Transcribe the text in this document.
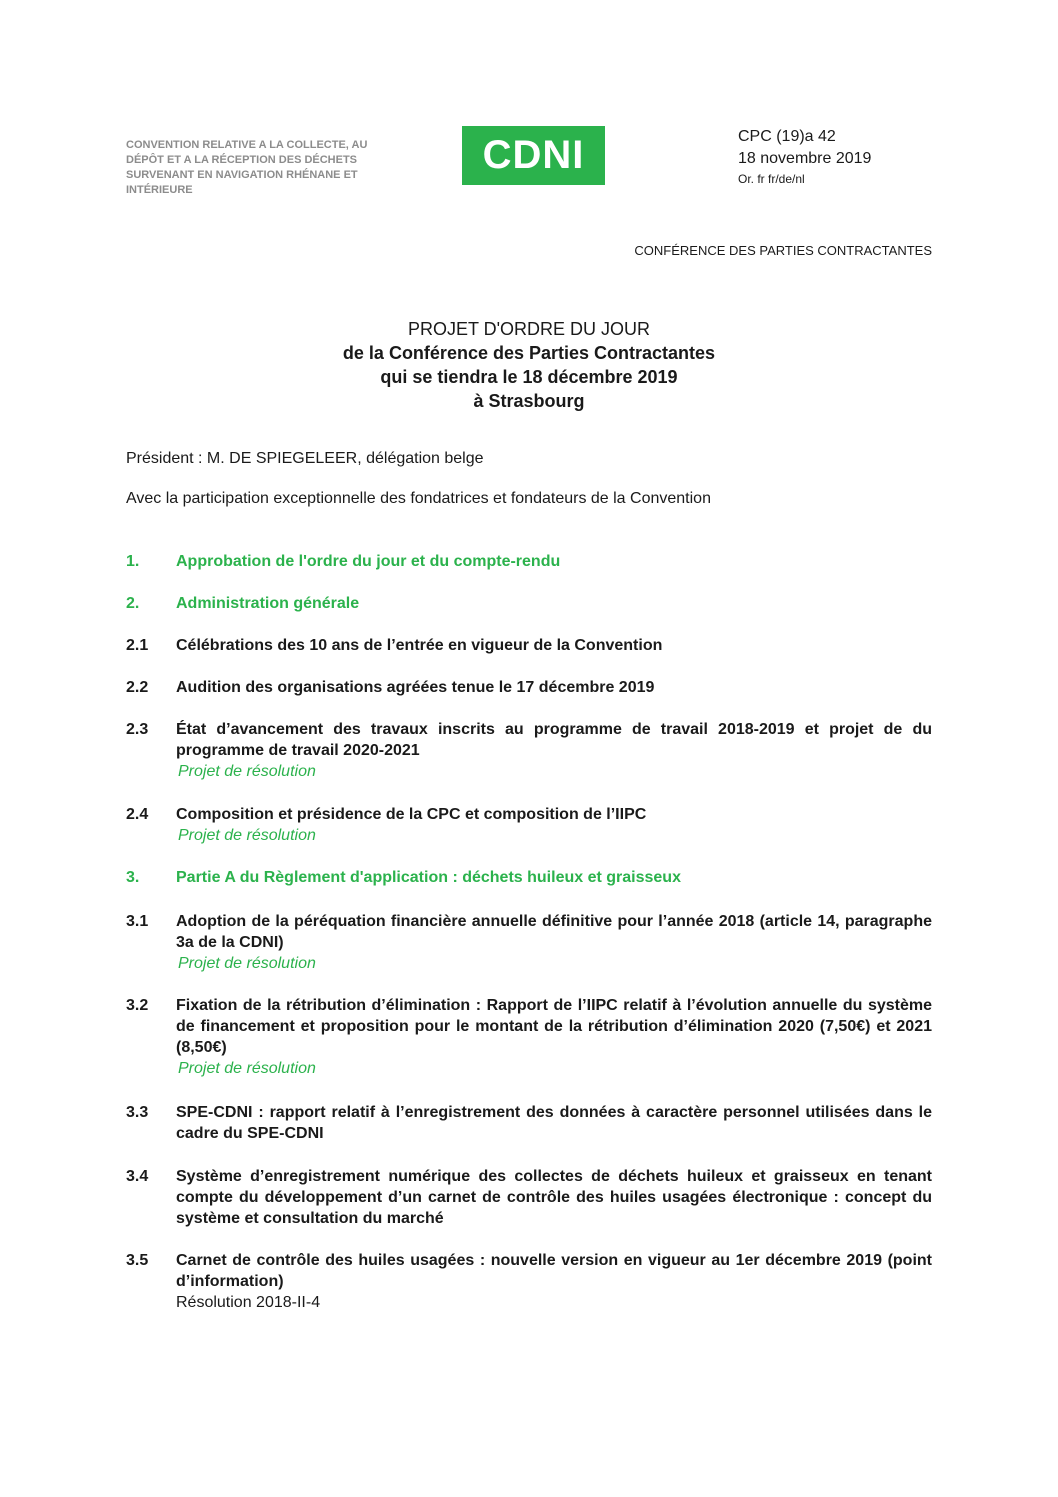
CONVENTION RELATIVE A LA COLLECTE, AU
DÉPÔT ET A LA RÉCEPTION DES DÉCHETS
SURVENANT EN NAVIGATION RHÉNANE ET
INTÉRIEURE
CDNI	CPC (19)a 42
18 novembre 2019
Or. fr fr/de/nl
CONFÉRENCE DES PARTIES CONTRACTANTES
PROJET D'ORDRE DU JOUR
de la Conférence des Parties Contractantes
qui se tiendra le 18 décembre 2019
à Strasbourg
Président : M. DE SPIEGELEER, délégation belge
Avec la participation exceptionnelle des fondatrices et fondateurs de la Convention
1. Approbation de l'ordre du jour et du compte-rendu
2. Administration générale
2.1 Célébrations des 10 ans de l’entrée en vigueur de la Convention
2.2 Audition des organisations agréées tenue le 17 décembre 2019
2.3 État d’avancement des travaux inscrits au programme de travail 2018-2019 et projet de du programme de travail 2020-2021
Projet de résolution
2.4 Composition et présidence de la CPC et composition de l’IIPC
Projet de résolution
3. Partie A du Règlement d'application : déchets huileux et graisseux
3.1 Adoption de la péréquation financière annuelle définitive pour l’année 2018 (article 14, paragraphe 3a de la CDNI)
Projet de résolution
3.2 Fixation de la rétribution d’élimination : Rapport de l’IIPC relatif à l’évolution annuelle du système de financement et proposition pour le montant de la rétribution d’élimination 2020 (7,50€) et 2021 (8,50€)
Projet de résolution
3.3 SPE-CDNI : rapport relatif à l’enregistrement des données à caractère personnel utilisées dans le cadre du SPE-CDNI
3.4 Système d’enregistrement numérique des collectes de déchets huileux et graisseux en tenant compte du développement d’un carnet de contrôle des huiles usagées électronique : concept du système et consultation du marché
3.5 Carnet de contrôle des huiles usagées : nouvelle version en vigueur au 1er décembre 2019 (point d’information)
Résolution 2018-II-4
